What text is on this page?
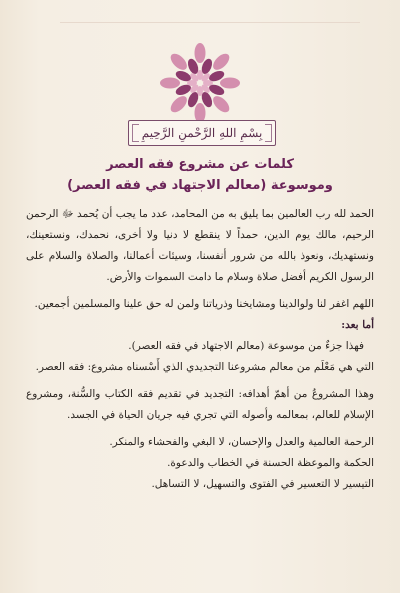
بِسْمِ اللهِ الرَّحْمنِ الرَّحِيمِ
كلمات عن مشروع فقه العصر
وموسوعة (معالم الاجتهاد في فقه العصر)

الحمد لله رب العالمين بما يليق به من المحامد، عدد ما يجب أن يُحمد ﷻ الرحمن الرحيم، مالك يوم الدين، حمداً لا ينقطع لا دنيا ولا أخرى، نحمدك، ونستعينك، ونستهديك، ونعوذ بالله من شرور أنفسنا، وسيئات أعمالنا، والصلاة والسلام على الرسول الكريم أفضل صلاة وسلام ما دامت السموات والأرض.

اللهم اغفر لنا ولوالدينا ومشايخنا وذرياتنا ولمن له حق علينا والمسلمين أجمعين.

أما بعد:

فهذا جزءٌ من موسوعة (معالم الاجتهاد في فقه العصر).

التي هي مَعْلَم من معالم مشروعنا التجديدي الذي أَسْسناه مشروع: فقه العصر.

وهذا المشروعُ من أهمّ أهدافه: التجديد في تقديم فقه الكتاب والسُّنة، ومشروع الإسلام للعالم، بمعالمه وأصوله التي تجري فيه جريان الحياة في الجسد.

الرحمة العالمية والعدل والإحسان، لا البغي والفحشاء والمنكر.

الحكمة والموعظة الحسنة في الخطاب والدعوة.

التيسير لا التعسير في الفتوى والتسهيل، لا التساهل.
